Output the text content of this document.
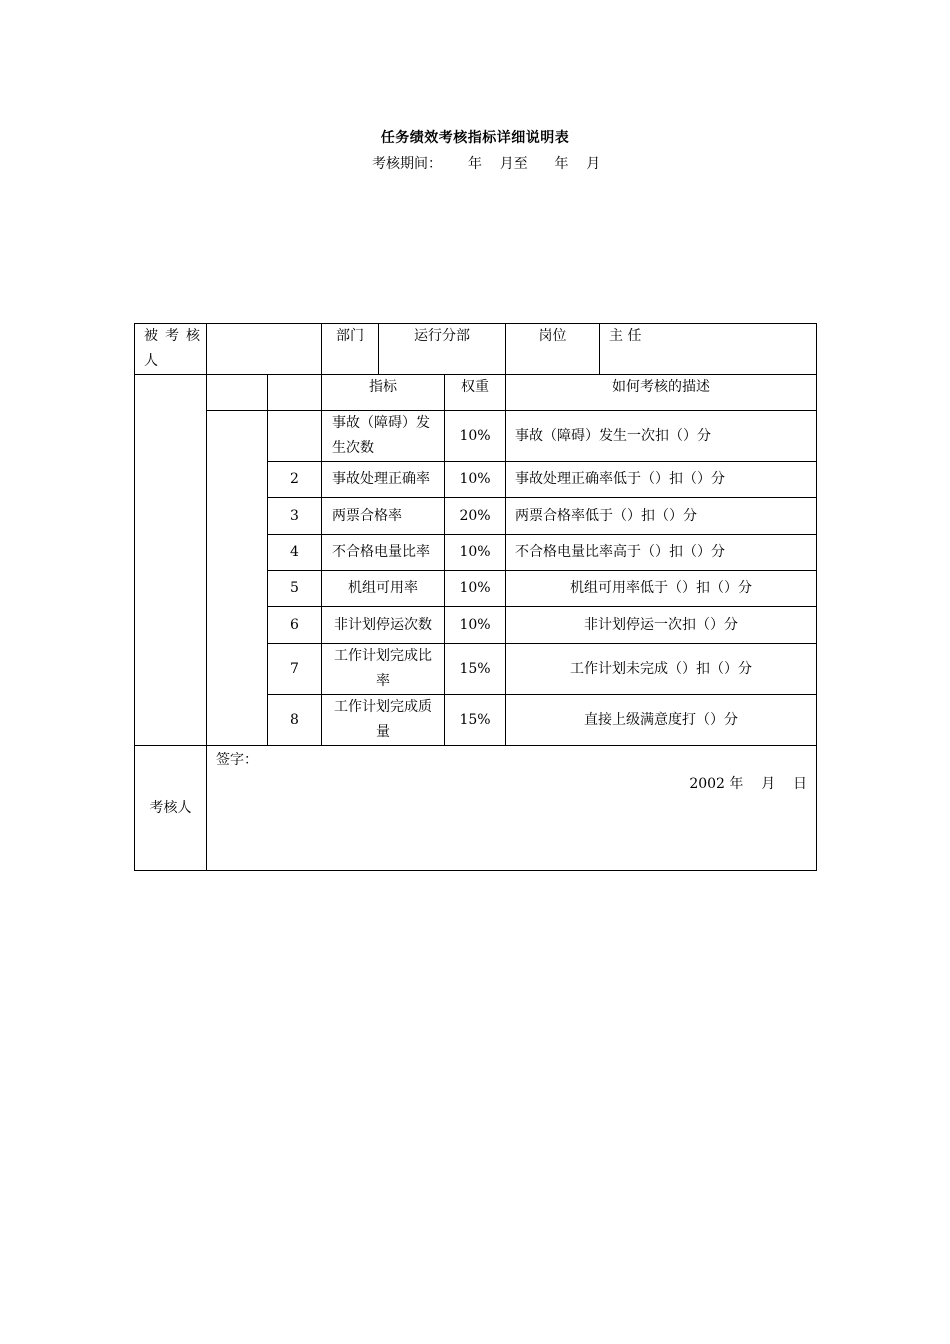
任务绩效考核指标详细说明表
考核期间： 年    月至      年    月
被 考 核 人			部门	运行分部		岗位	主 任
			指标		权重	如何考核的描述	
			事故（障碍）发生次数		10%	事故（障碍）发生一次扣（）分	
		2	事故处理正确率		10%	事故处理正确率低于（）扣（）分	
		3	两票合格率		20%	两票合格率低于（）扣（）分	
		4	不合格电量比率		10%	不合格电量比率高于（）扣（）分	
		5	机组可用率		10%	机组可用率低于（）扣（）分	
		6	非计划停运次数		10%	非计划停运一次扣（）分	
		7	工作计划完成比率		15%	工作计划未完成（）扣（）分	
		8	工作计划完成质量		15%	直接上级满意度打（）分	
考核人	签字：
2002 年    月    日						
